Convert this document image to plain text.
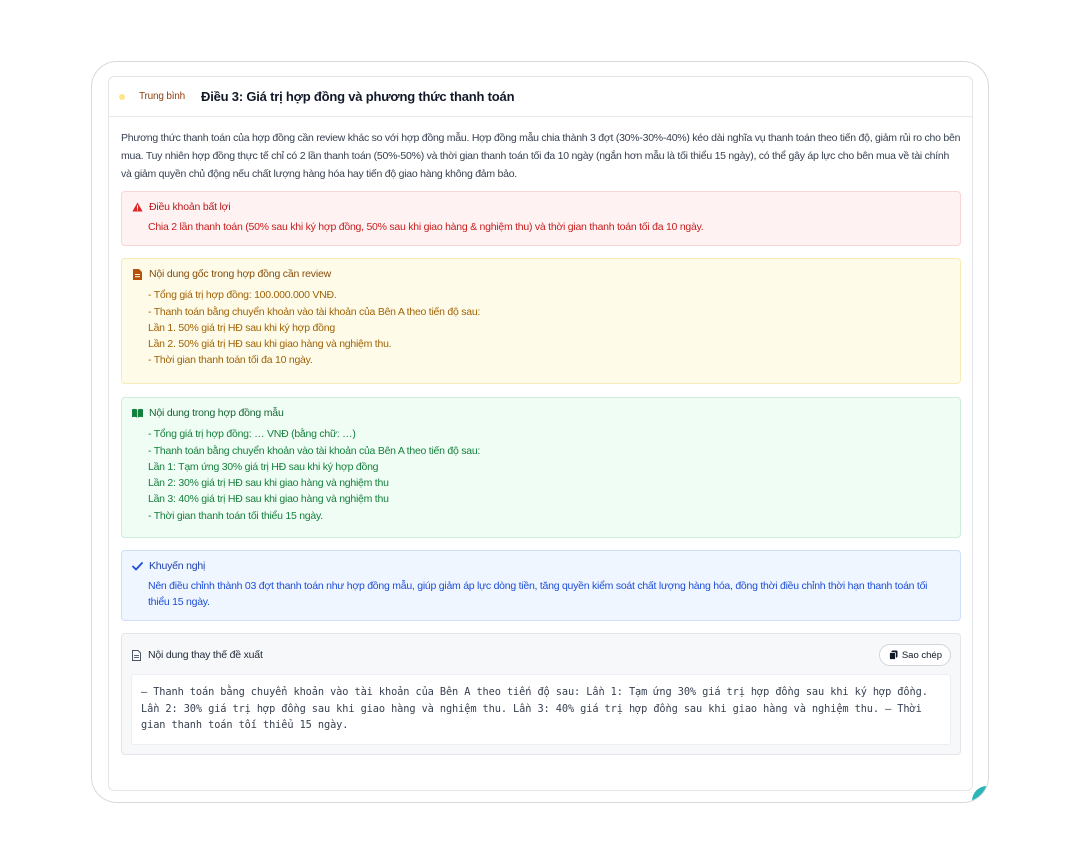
Trung bình Điều 3: Giá trị hợp đồng và phương thức thanh toán

Phương thức thanh toán của hợp đồng cần review khác so với hợp đồng mẫu. Hợp đồng mẫu chia thành 3 đợt (30%-30%-40%) kéo dài nghĩa vụ thanh toán theo tiến độ, giảm rủi ro cho bên mua. Tuy nhiên hợp đồng thực tế chỉ có 2 lần thanh toán (50%-50%) và thời gian thanh toán tối đa 10 ngày (ngắn hơn mẫu là tối thiểu 15 ngày), có thể gây áp lực cho bên mua về tài chính và giảm quyền chủ động nếu chất lượng hàng hóa hay tiến độ giao hàng không đảm bảo.

Điều khoản bất lợi
Chia 2 lần thanh toán (50% sau khi ký hợp đồng, 50% sau khi giao hàng & nghiệm thu) và thời gian thanh toán tối đa 10 ngày.
Nội dung gốc trong hợp đồng cần review
- Tổng giá trị hợp đồng: 100.000.000 VNĐ.
- Thanh toán bằng chuyển khoản vào tài khoản của Bên A theo tiến độ sau:
Lần 1. 50% giá trị HĐ sau khi ký hợp đồng
Lần 2. 50% giá trị HĐ sau khi giao hàng và nghiệm thu.
- Thời gian thanh toán tối đa 10 ngày.
Nội dung trong hợp đồng mẫu
- Tổng giá trị hợp đồng: … VNĐ (bằng chữ: …)
- Thanh toán bằng chuyển khoản vào tài khoản của Bên A theo tiến độ sau:
Lần 1: Tạm ứng 30% giá trị HĐ sau khi ký hợp đồng
Lần 2: 30% giá trị HĐ sau khi giao hàng và nghiệm thu
Lần 3: 40% giá trị HĐ sau khi giao hàng và nghiệm thu
- Thời gian thanh toán tối thiểu 15 ngày.
Khuyến nghị
Nên điều chỉnh thành 03 đợt thanh toán như hợp đồng mẫu, giúp giảm áp lực dòng tiền, tăng quyền kiểm soát chất lượng hàng hóa, đồng thời điều chỉnh thời hạn thanh toán tối thiểu 15 ngày.
Nội dung thay thế đề xuất	Sao chép
– Thanh toán bằng chuyển khoản vào tài khoản của Bên A theo tiến độ sau: Lần 1: Tạm ứng 30% giá trị hợp đồng sau khi ký hợp đồng. Lần 2: 30% giá trị hợp đồng sau khi giao hàng và nghiệm thu. Lần 3: 40% giá trị hợp đồng sau khi giao hàng và nghiệm thu. – Thời gian thanh toán tối thiểu 15 ngày.
